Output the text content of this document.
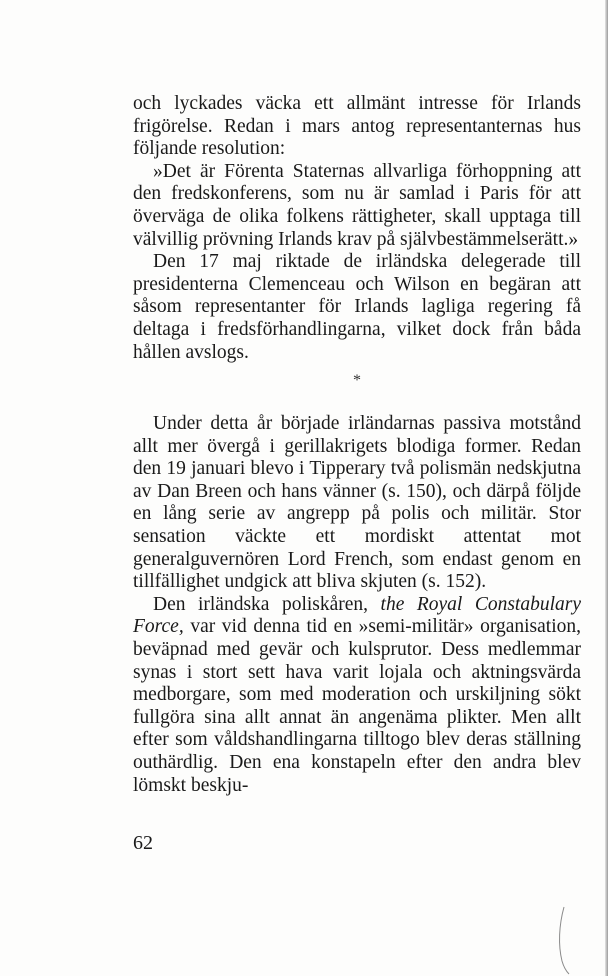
och lyckades väcka ett allmänt intresse för Irlands frigörelse. Redan i mars antog representanternas hus följande resolution:

»Det är Förenta Staternas allvarliga förhoppning att den fredskonferens, som nu är samlad i Paris för att överväga de olika folkens rättigheter, skall upptaga till välvillig prövning Irlands krav på självbestämmelserätt.»

Den 17 maj riktade de irländska delegerade till presidenterna Clemenceau och Wilson en begäran att såsom representanter för Irlands lagliga regering få deltaga i fredsförhandlingarna, vilket dock från båda hållen avslogs.

*

Under detta år började irländarnas passiva motstånd allt mer övergå i gerillakrigets blodiga former. Redan den 19 januari blevo i Tipperary två polismän nedskjutna av Dan Breen och hans vänner (s. 150), och därpå följde en lång serie av angrepp på polis och militär. Stor sensation väckte ett mordiskt attentat mot generalguvernören Lord French, som endast genom en tillfällighet undgick att bliva skjuten (s. 152).

Den irländska poliskåren, the Royal Constabulary Force, var vid denna tid en »semi-militär» organisation, beväpnad med gevär och kulsprutor. Dess medlemmar synas i stort sett hava varit lojala och aktningsvärda medborgare, som med moderation och urskiljning sökt fullgöra sina allt annat än angenäma plikter. Men allt efter som våldshandlingarna tilltogo blev deras ställning outhärdlig. Den ena konstapeln efter den andra blev lömskt beskju-

62
